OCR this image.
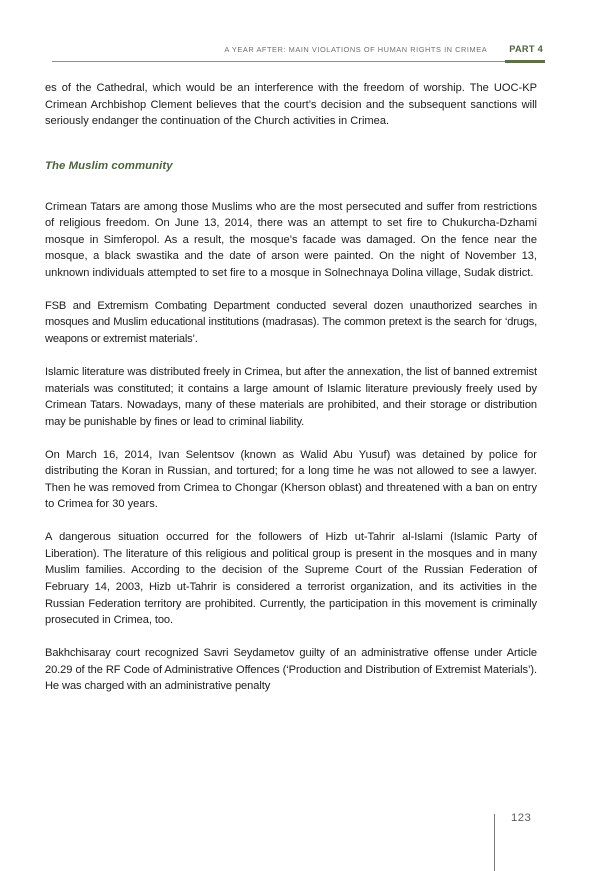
A YEAR AFTER: MAIN VIOLATIONS OF HUMAN RIGHTS IN CRIMEA PART 4

es of the Cathedral, which would be an interference with the freedom of worship. The UOC-KP Crimean Archbishop Clement believes that the court’s decision and the subsequent sanctions will seriously endanger the continuation of the Church activities in Crimea.

The Muslim community

Crimean Tatars are among those Muslims who are the most persecuted and suffer from restrictions of religious freedom. On June 13, 2014, there was an attempt to set fire to Chukurcha-Dzhami mosque in Simferopol. As a result, the mosque’s facade was damaged. On the fence near the mosque, a black swastika and the date of arson were painted. On the night of November 13, unknown individuals attempted to set fire to a mosque in Solnechnaya Dolina village, Sudak district.

FSB and Extremism Combating Department conducted several dozen unauthorized searches in mosques and Muslim educational institutions (madrasas). The common pretext is the search for ‘drugs, weapons or extremist materials’.

Islamic literature was distributed freely in Crimea, but after the annexation, the list of banned extremist materials was constituted; it contains a large amount of Islamic literature previously freely used by Crimean Tatars. Nowadays, many of these materials are prohibited, and their storage or distribution may be punishable by fines or lead to criminal liability.

On March 16, 2014, Ivan Selentsov (known as Walid Abu Yusuf) was detained by police for distributing the Koran in Russian, and tortured; for a long time he was not allowed to see a lawyer. Then he was removed from Crimea to Chongar (Kherson oblast) and threatened with a ban on entry to Crimea for 30 years.

A dangerous situation occurred for the followers of Hizb ut-Tahrir al-Islami (Islamic Party of Liberation). The literature of this religious and political group is present in the mosques and in many Muslim families. According to the decision of the Supreme Court of the Russian Federation of February 14, 2003, Hizb ut-Tahrir is considered a terrorist organization, and its activities in the Russian Federation territory are prohibited. Currently, the participation in this movement is criminally prosecuted in Crimea, too.

Bakhchisaray court recognized Savri Seydametov guilty of an administrative offense under Article 20.29 of the RF Code of Administrative Offences (‘Production and Distribution of Extremist Materials’). He was charged with an administrative penalty

123
